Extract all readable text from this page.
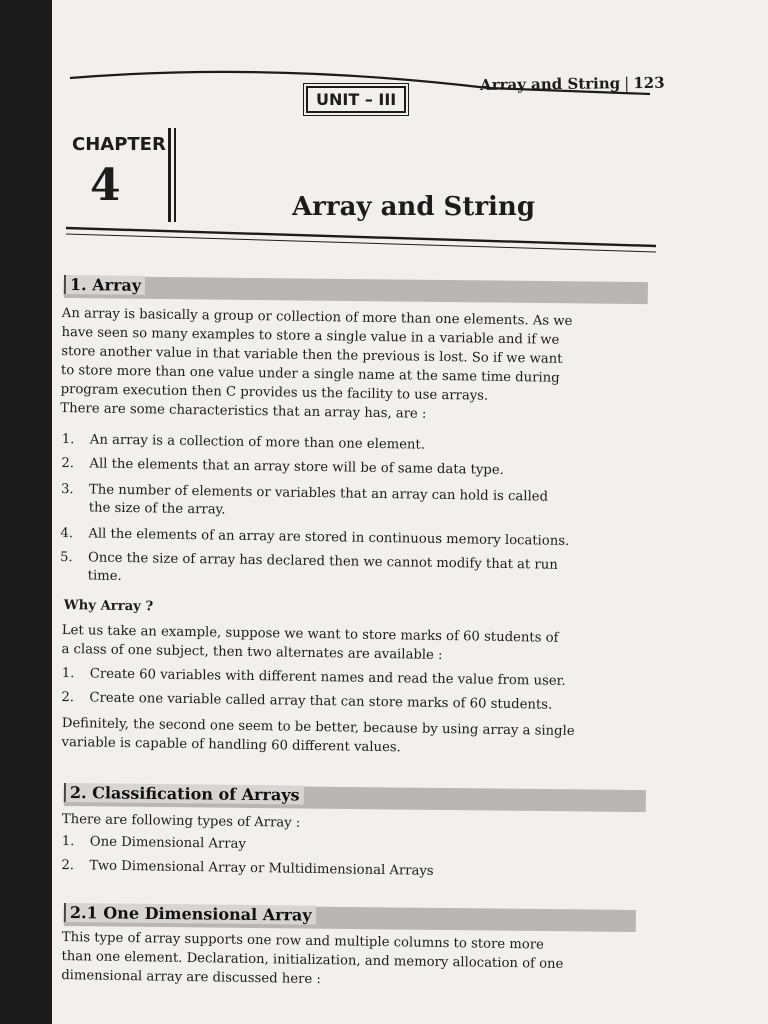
Array and String | 123
UNIT – III
CHAPTER
4	Array and String
1. Array
An array is basically a group or collection of more than one elements. As we
have seen so many examples to store a single value in a variable and if we
store another value in that variable then the previous is lost. So if we want
to store more than one value under a single name at the same time during
program execution then C provides us the facility to use arrays.
There are some characteristics that an array has, are :
1. An array is a collection of more than one element.
2. All the elements that an array store will be of same data type.
3. The number of elements or variables that an array can hold is called
the size of the array.
4. All the elements of an array are stored in continuous memory locations.
5. Once the size of array has declared then we cannot modify that at run
time.
Why Array ?
Let us take an example, suppose we want to store marks of 60 students of
a class of one subject, then two alternates are available :
1. Create 60 variables with different names and read the value from user.
2. Create one variable called array that can store marks of 60 students.
Definitely, the second one seem to be better, because by using array a single
variable is capable of handling 60 different values.
2. Classification of Arrays
There are following types of Array :
1. One Dimensional Array
2. Two Dimensional Array or Multidimensional Arrays
2.1 One Dimensional Array
This type of array supports one row and multiple columns to store more
than one element. Declaration, initialization, and memory allocation of one
dimensional array are discussed here :
